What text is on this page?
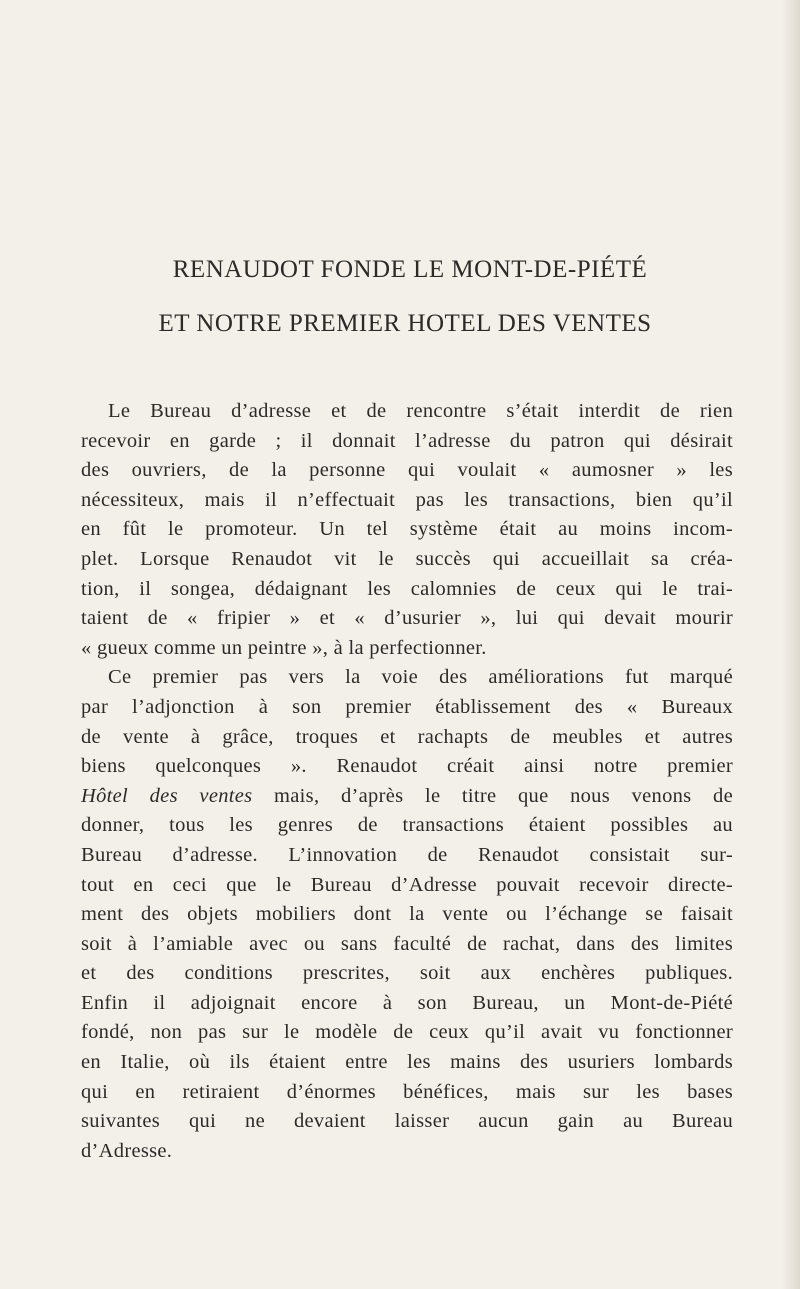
RENAUDOT FONDE LE MONT-DE-PIÉTÉ
ET NOTRE PREMIER HOTEL DES VENTES
Le Bureau d’adresse et de rencontre s’était interdit de rien
recevoir en garde ; il donnait l’adresse du patron qui désirait
des ouvriers, de la personne qui voulait « aumosner » les
nécessiteux, mais il n’effectuait pas les transactions, bien qu’il
en fût le promoteur. Un tel système était au moins incom-
plet. Lorsque Renaudot vit le succès qui accueillait sa créa-
tion, il songea, dédaignant les calomnies de ceux qui le trai-
taient de « fripier » et « d’usurier », lui qui devait mourir
« gueux comme un peintre », à la perfectionner.
Ce premier pas vers la voie des améliorations fut marqué
par l’adjonction à son premier établissement des « Bureaux
de vente à grâce, troques et rachapts de meubles et autres
biens quelconques ». Renaudot créait ainsi notre premier
Hôtel des ventes mais, d’après le titre que nous venons de
donner, tous les genres de transactions étaient possibles au
Bureau d’adresse. L’innovation de Renaudot consistait sur-
tout en ceci que le Bureau d’Adresse pouvait recevoir directe-
ment des objets mobiliers dont la vente ou l’échange se faisait
soit à l’amiable avec ou sans faculté de rachat, dans des limites
et des conditions prescrites, soit aux enchères publiques.
Enfin il adjoignait encore à son Bureau, un Mont-de-Piété
fondé, non pas sur le modèle de ceux qu’il avait vu fonctionner
en Italie, où ils étaient entre les mains des usuriers lombards
qui en retiraient d’énormes bénéfices, mais sur les bases
suivantes qui ne devaient laisser aucun gain au Bureau
d’Adresse.
